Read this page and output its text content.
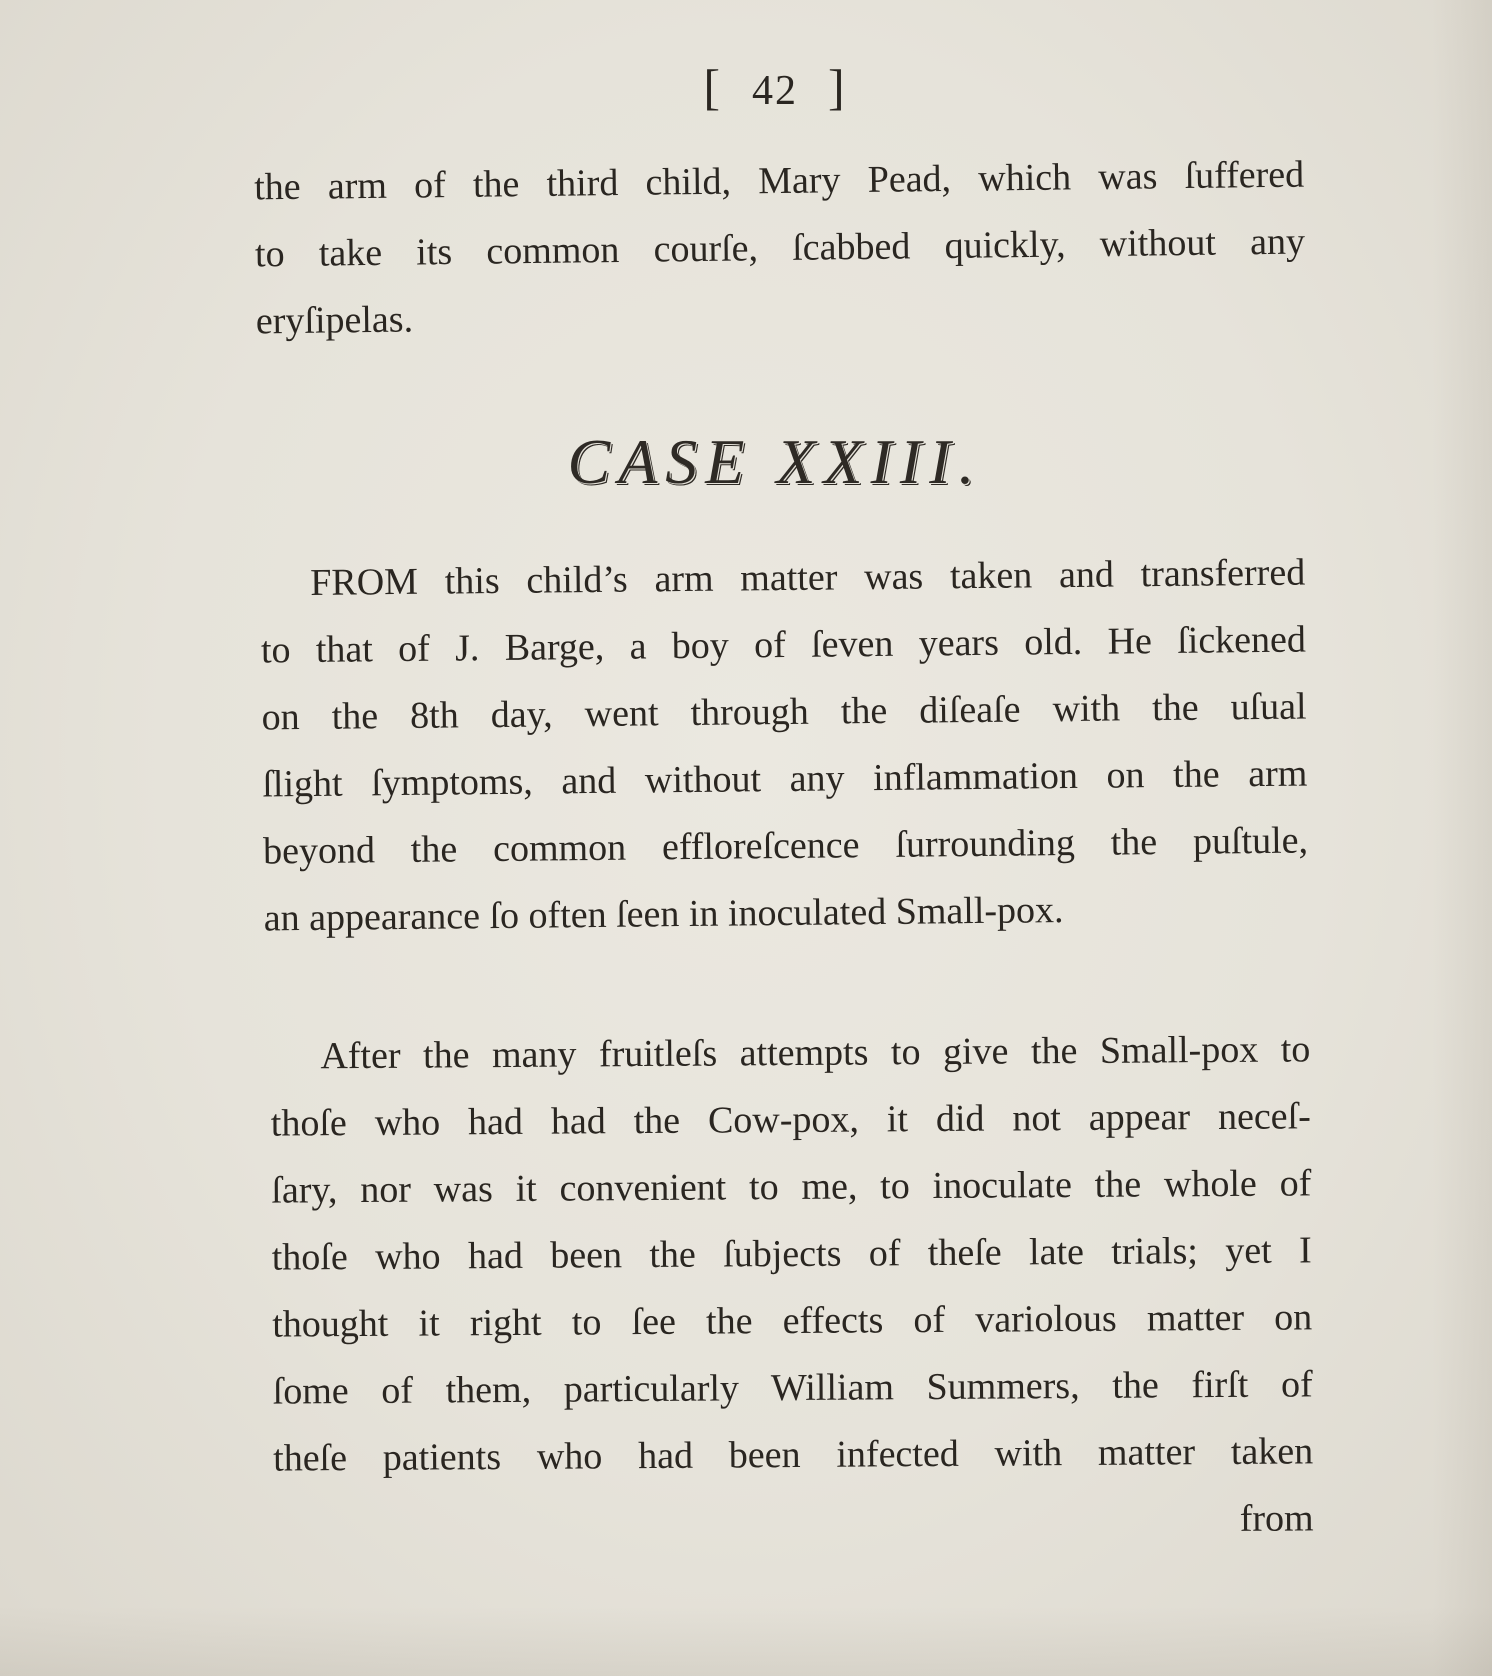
[ 42 ]
the arm of the third child, Mary Pead, which was ſuffered
to take its common courſe, ſcabbed quickly, without any
eryſipelas.
CASE XXIII.
FROM this child’s arm matter was taken and transferred
to that of J. Barge, a boy of ſeven years old. He ſickened
on the 8th day, went through the diſeaſe with the uſual
ſlight ſymptoms, and without any inflammation on the arm
beyond the common effloreſcence ſurrounding the puſtule,
an appearance ſo often ſeen in inoculated Small-pox.
After the many fruitleſs attempts to give the Small-pox to
thoſe who had had the Cow-pox, it did not appear neceſ-
ſary, nor was it convenient to me, to inoculate the whole of
thoſe who had been the ſubjects of theſe late trials; yet I
thought it right to ſee the effects of variolous matter on
ſome of them, particularly William Summers, the firſt of
theſe patients who had been infected with matter taken
from
